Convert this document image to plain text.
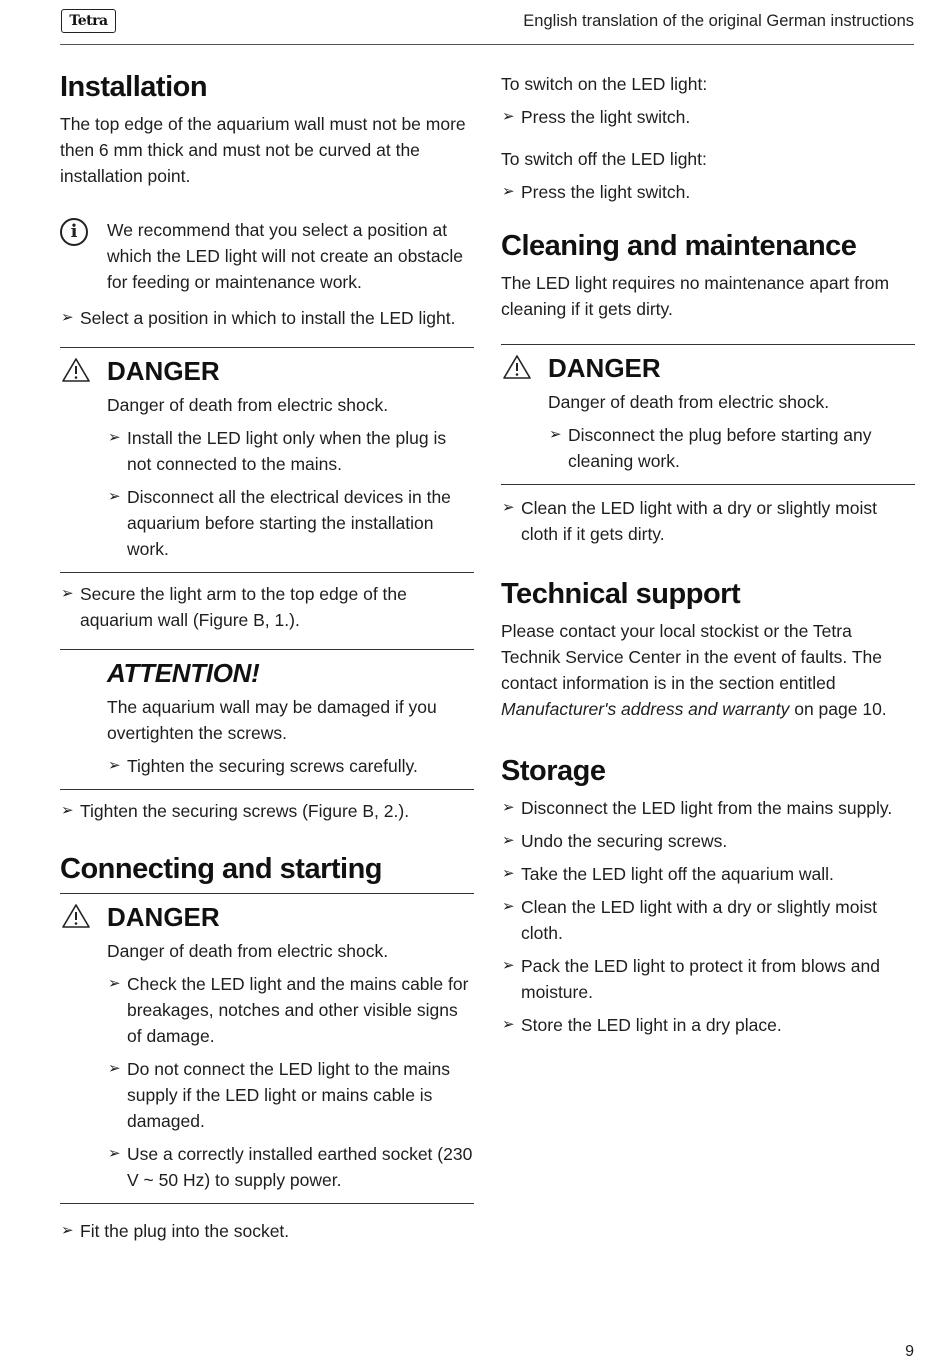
Tetra	English translation of the original German instructions
Installation

The top edge of the aquarium wall must not be more then 6 mm thick and must not be curved at the installation point.

i	We recommend that you select a position at which the LED light will not create an obstacle for feeding or maintenance work.

➢ Select a position in which to install the LED light.
DANGER

Danger of death from electric shock.

➢ Install the LED light only when the plug is not connected to the mains.
➢ Disconnect all the electrical devices in the aquarium before starting the installation work.
➢ Secure the light arm to the top edge of the aquarium wall (Figure B, 1.).
ATTENTION!

The aquarium wall may be damaged if you overtighten the screws.

➢ Tighten the securing screws carefully.
➢ Tighten the securing screws (Figure B, 2.).
Connecting and starting
DANGER

Danger of death from electric shock.

➢ Check the LED light and the mains cable for breakages, notches and other visible signs of damage.
➢ Do not connect the LED light to the mains supply if the LED light or mains cable is damaged.
➢ Use a correctly installed earthed socket (230 V ~ 50 Hz) to supply power.
➢ Fit the plug into the socket.

To switch on the LED light:

➢ Press the light switch.

To switch off the LED light:

➢ Press the light switch.
Cleaning and maintenance

The LED light requires no maintenance apart from cleaning if it gets dirty.

DANGER

Danger of death from electric shock.

➢ Disconnect the plug before starting any cleaning work.
➢ Clean the LED light with a dry or slightly moist cloth if it gets dirty.
Technical support

Please contact your local stockist or the Tetra Technik Service Center in the event of faults. The contact information is in the section entitled Manufacturer's address and warranty on page 10.

Storage
➢ Disconnect the LED light from the mains supply.
➢ Undo the securing screws.
➢ Take the LED light off the aquarium wall.
➢ Clean the LED light with a dry or slightly moist cloth.
➢ Pack the LED light to protect it from blows and moisture.
➢ Store the LED light in a dry place.
9
